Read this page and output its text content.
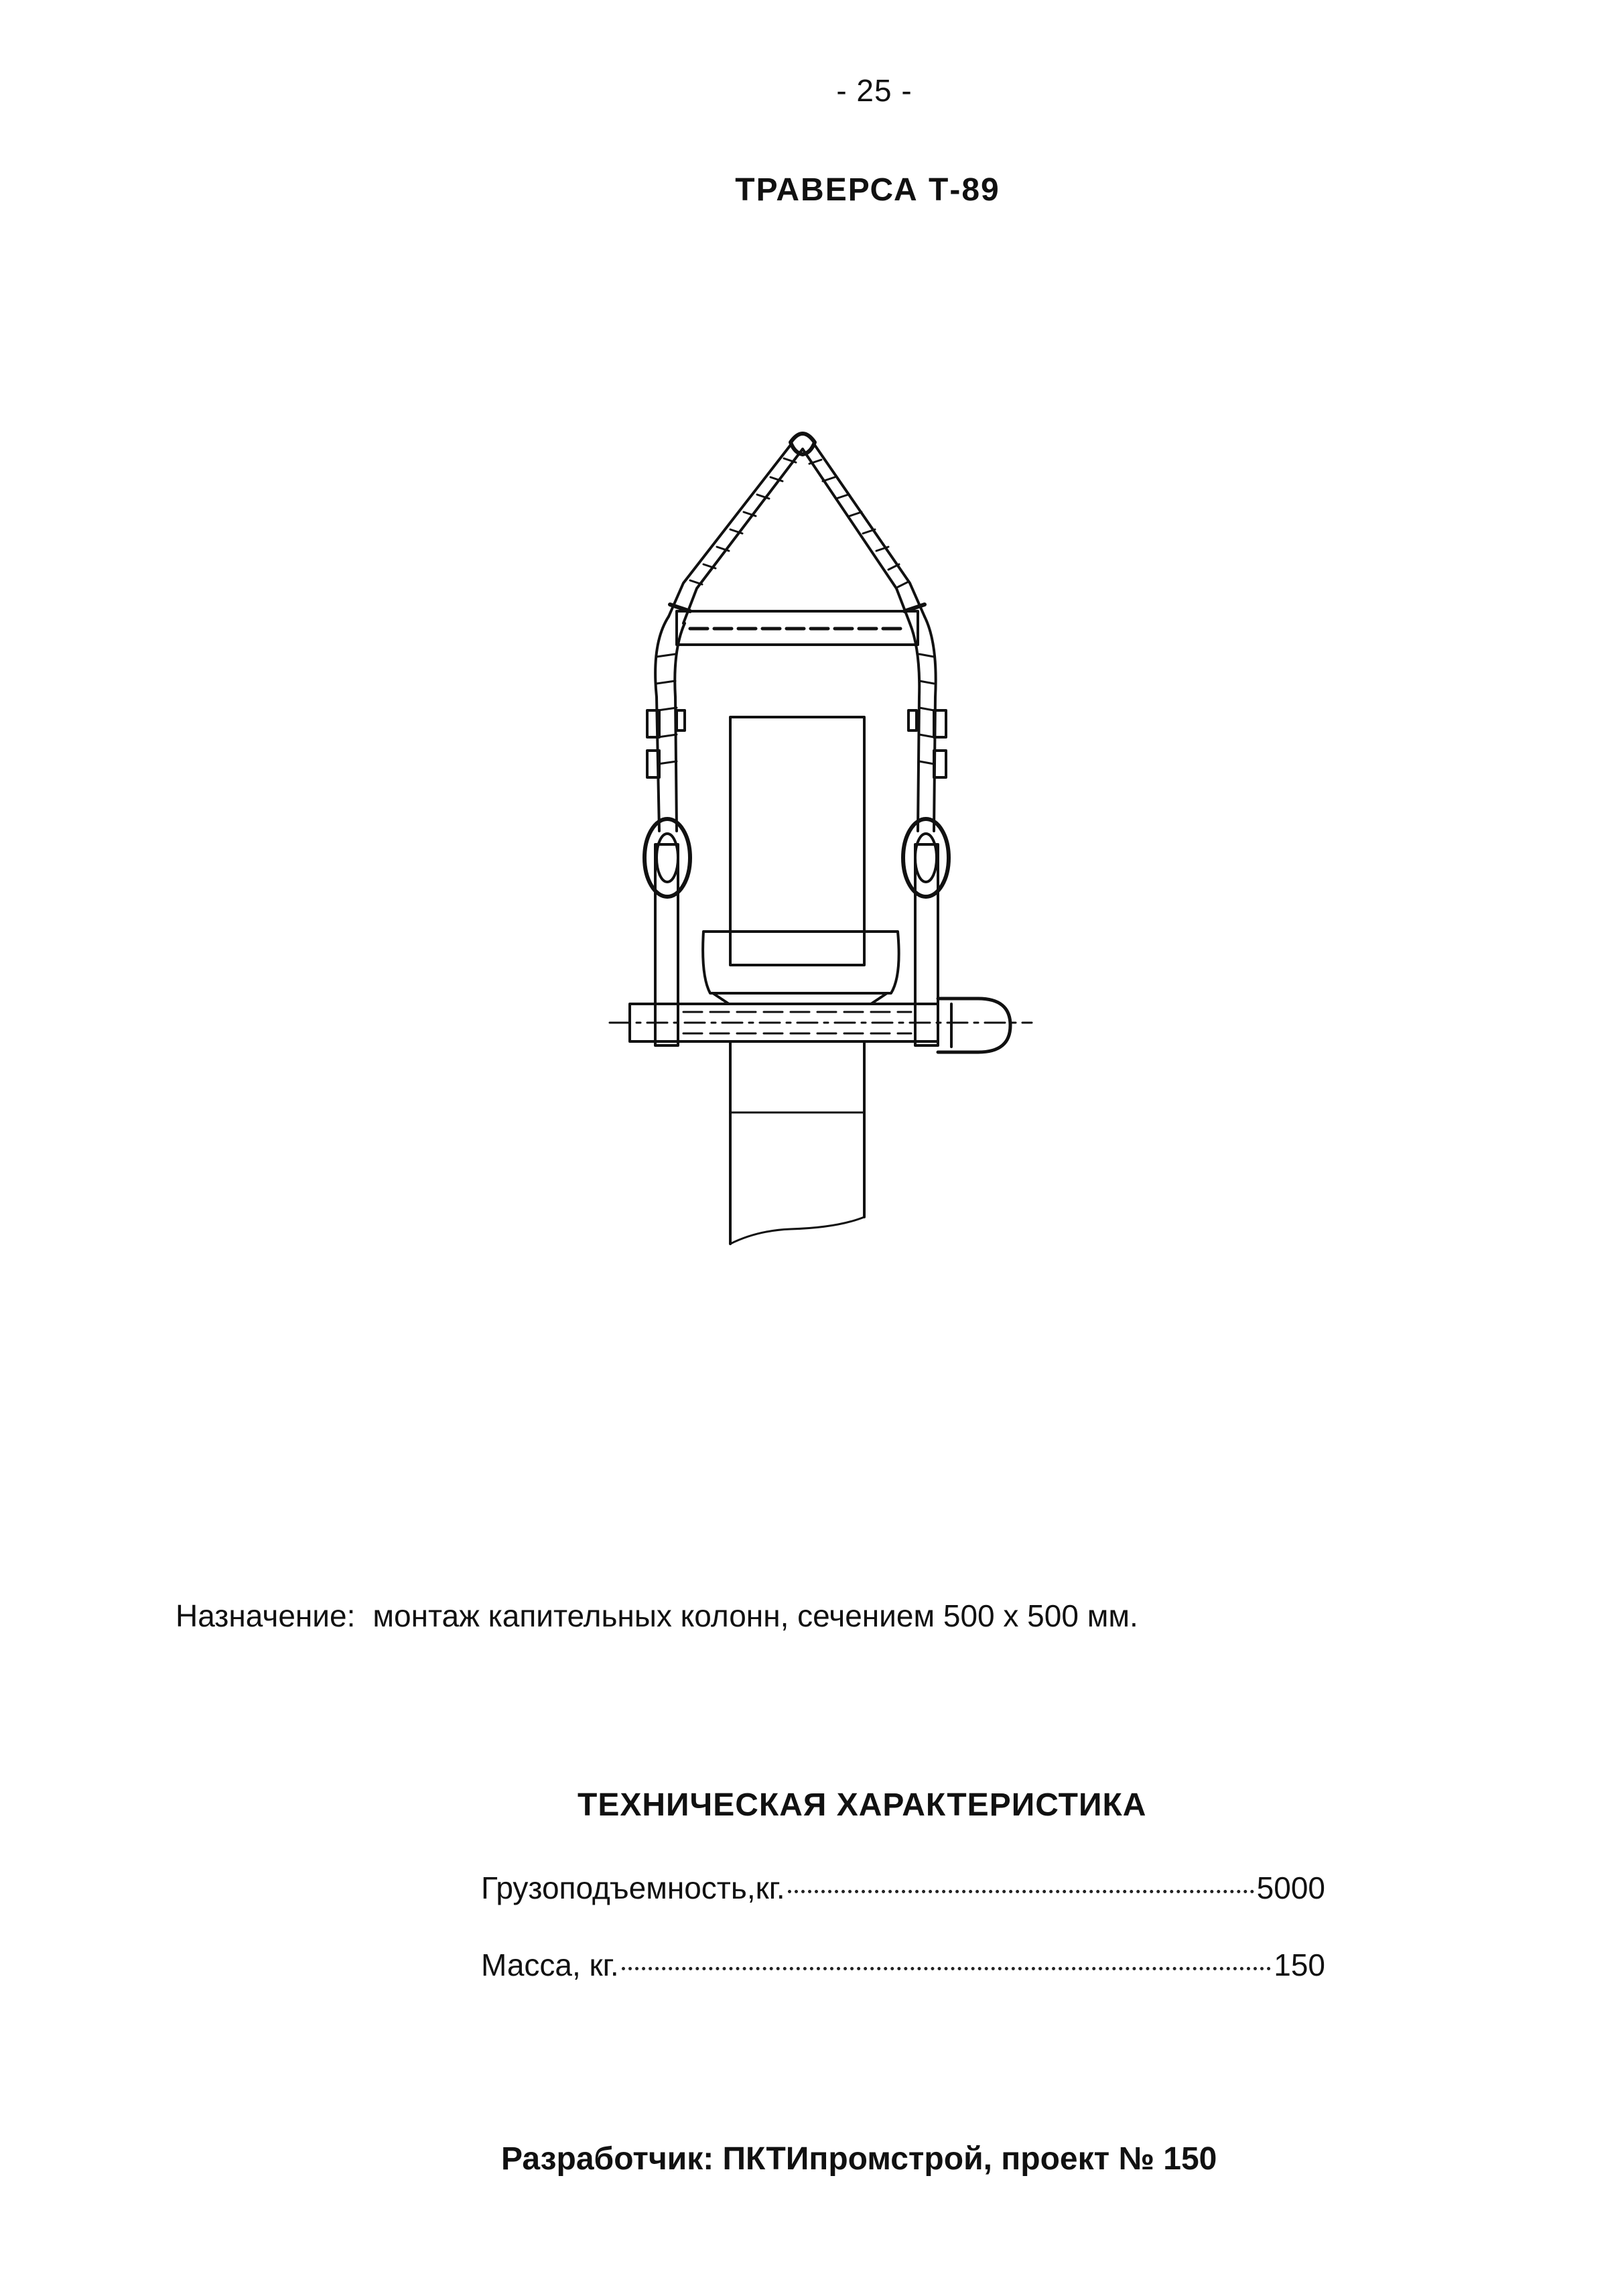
- 25 -
ТРАВЕРСА Т-89
Назначение: монтаж капительных колонн, сечением 500 х 500 мм.
ТЕХНИЧЕСКАЯ ХАРАКТЕРИСТИКА
Грузоподъемность,кг.	5000
Масса, кг.	150
Разработчик: ПКТИпромстрой, проект № 150
